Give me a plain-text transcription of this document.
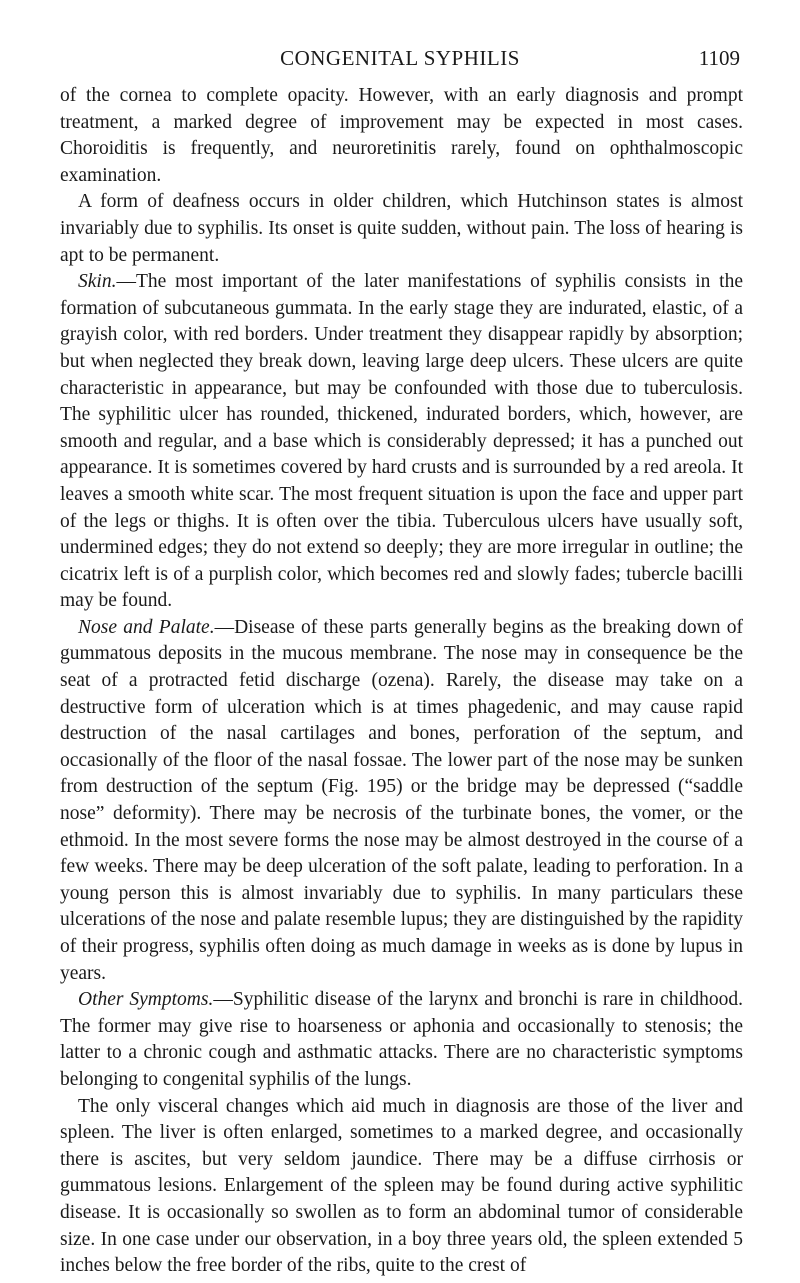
CONGENITAL SYPHILIS	1109

of the cornea to complete opacity. However, with an early diagnosis and prompt treatment, a marked degree of improvement may be expected in most cases. Choroiditis is frequently, and neuroretinitis rarely, found on ophthalmoscopic examination.

A form of deafness occurs in older children, which Hutchinson states is almost invariably due to syphilis. Its onset is quite sudden, without pain. The loss of hearing is apt to be permanent.

Skin.—The most important of the later manifestations of syphilis consists in the formation of subcutaneous gummata. In the early stage they are indurated, elastic, of a grayish color, with red borders. Under treatment they disappear rapidly by absorption; but when neglected they break down, leaving large deep ulcers. These ulcers are quite characteristic in appearance, but may be confounded with those due to tuberculosis. The syphilitic ulcer has rounded, thickened, indurated borders, which, however, are smooth and regular, and a base which is considerably depressed; it has a punched out appearance. It is sometimes covered by hard crusts and is surrounded by a red areola. It leaves a smooth white scar. The most frequent situation is upon the face and upper part of the legs or thighs. It is often over the tibia. Tuberculous ulcers have usually soft, undermined edges; they do not extend so deeply; they are more irregular in outline; the cicatrix left is of a purplish color, which becomes red and slowly fades; tubercle bacilli may be found.

Nose and Palate.—Disease of these parts generally begins as the breaking down of gummatous deposits in the mucous membrane. The nose may in consequence be the seat of a protracted fetid discharge (ozena). Rarely, the disease may take on a destructive form of ulceration which is at times phagedenic, and may cause rapid destruction of the nasal cartilages and bones, perforation of the septum, and occasionally of the floor of the nasal fossae. The lower part of the nose may be sunken from destruction of the septum (Fig. 195) or the bridge may be depressed (“saddle nose” deformity). There may be necrosis of the turbinate bones, the vomer, or the ethmoid. In the most severe forms the nose may be almost destroyed in the course of a few weeks. There may be deep ulceration of the soft palate, leading to perforation. In a young person this is almost invariably due to syphilis. In many particulars these ulcerations of the nose and palate resemble lupus; they are distinguished by the rapidity of their progress, syphilis often doing as much damage in weeks as is done by lupus in years.

Other Symptoms.—Syphilitic disease of the larynx and bronchi is rare in childhood. The former may give rise to hoarseness or aphonia and occasionally to stenosis; the latter to a chronic cough and asthmatic attacks. There are no characteristic symptoms belonging to congenital syphilis of the lungs.

The only visceral changes which aid much in diagnosis are those of the liver and spleen. The liver is often enlarged, sometimes to a marked degree, and occasionally there is ascites, but very seldom jaundice. There may be a diffuse cirrhosis or gummatous lesions. Enlargement of the spleen may be found during active syphilitic disease. It is occasionally so swollen as to form an abdominal tumor of considerable size. In one case under our observation, in a boy three years old, the spleen extended 5 inches below the free border of the ribs, quite to the crest of
